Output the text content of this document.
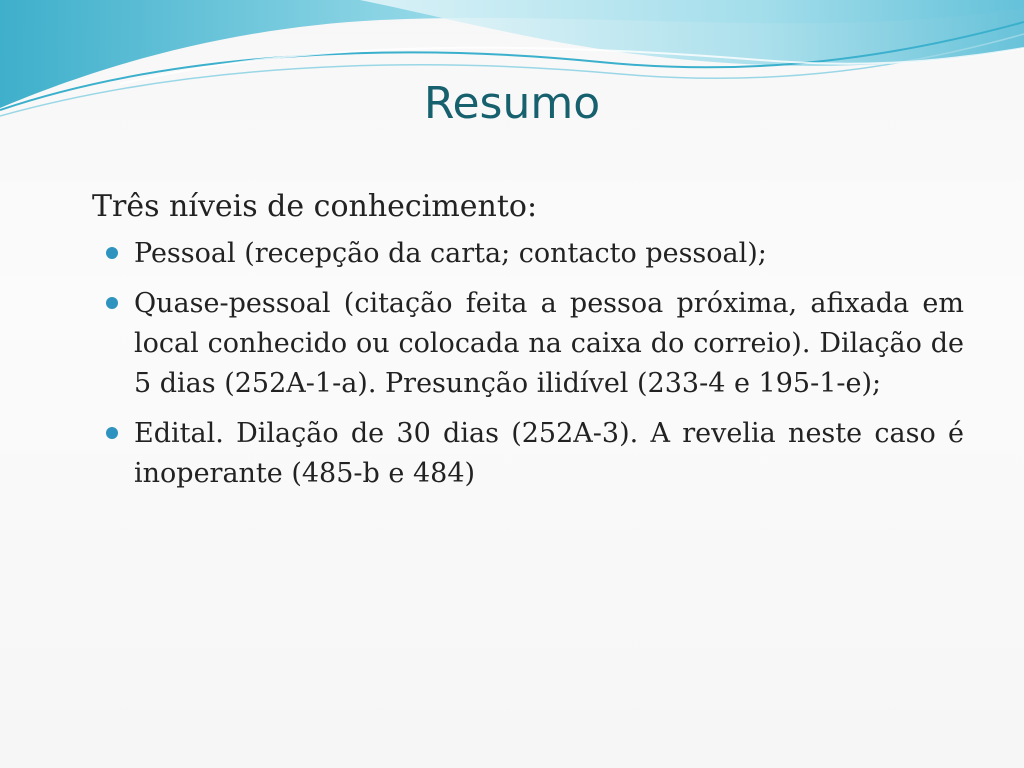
Resumo

Três níveis de conhecimento:

Pessoal (recepção da carta; contacto pessoal);
Quase-pessoal (citação feita a pessoa próxima, afixada em local conhecido ou colocada na caixa do correio). Dilação de 5 dias (252A-1-a). Presunção ilidível (233-4 e 195-1-e);
Edital. Dilação de 30 dias (252A-3). A revelia neste caso é inoperante (485-b e 484)
